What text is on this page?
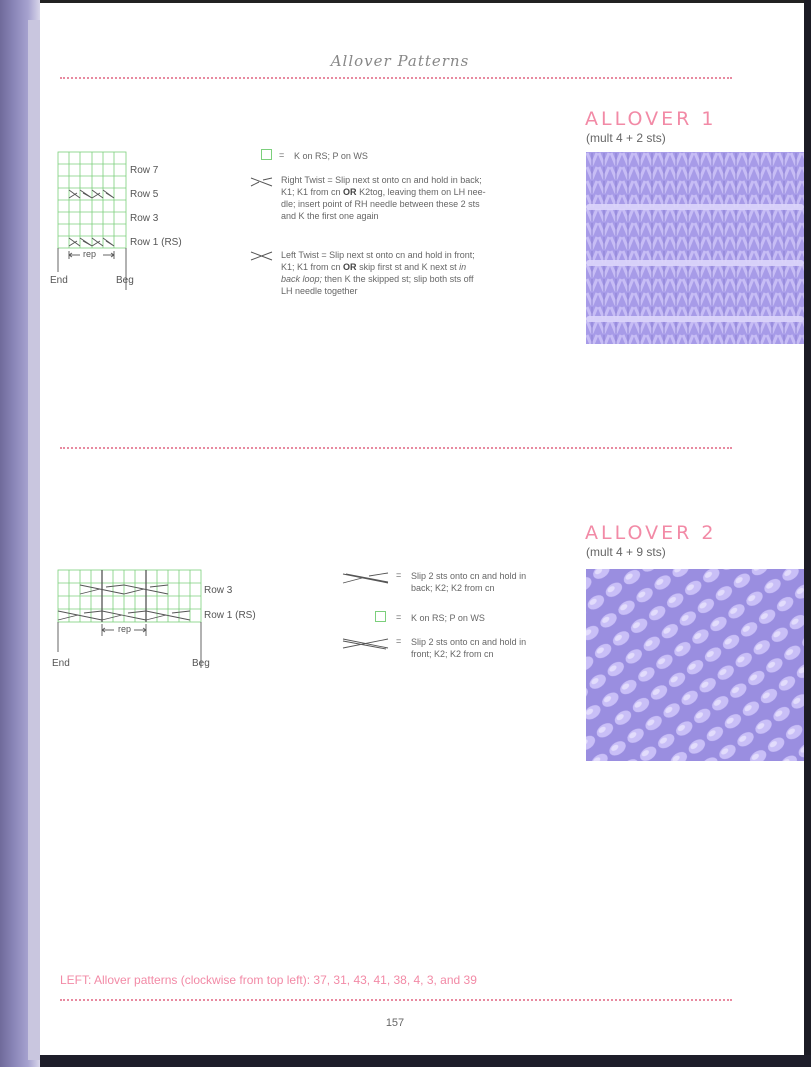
Allover Patterns
ALLOVER 1
(mult 4 + 2 sts)
Row 7
Row 5
Row 3
Row 1 (RS)
rep
End	Beg
= K on RS; P on WS
Right Twist = Slip next st onto cn and hold in back;
K1; K1 from cn OR K2tog, leaving them on LH nee-
dle; insert point of RH needle between these 2 sts
and K the first one again
Left Twist = Slip next st onto cn and hold in front;
K1; K1 from cn OR skip first st and K next st in
back loop; then K the skipped st; slip both sts off
LH needle together
ALLOVER 2
(mult 4 + 9 sts)
Row 3
Row 1 (RS)
rep
End	Beg
= Slip 2 sts onto cn and hold in
back; K2; K2 from cn
= K on RS; P on WS
= Slip 2 sts onto cn and hold in
front; K2; K2 from cn
LEFT: Allover patterns (clockwise from top left): 37, 31, 43, 41, 38, 4, 3, and 39
157
